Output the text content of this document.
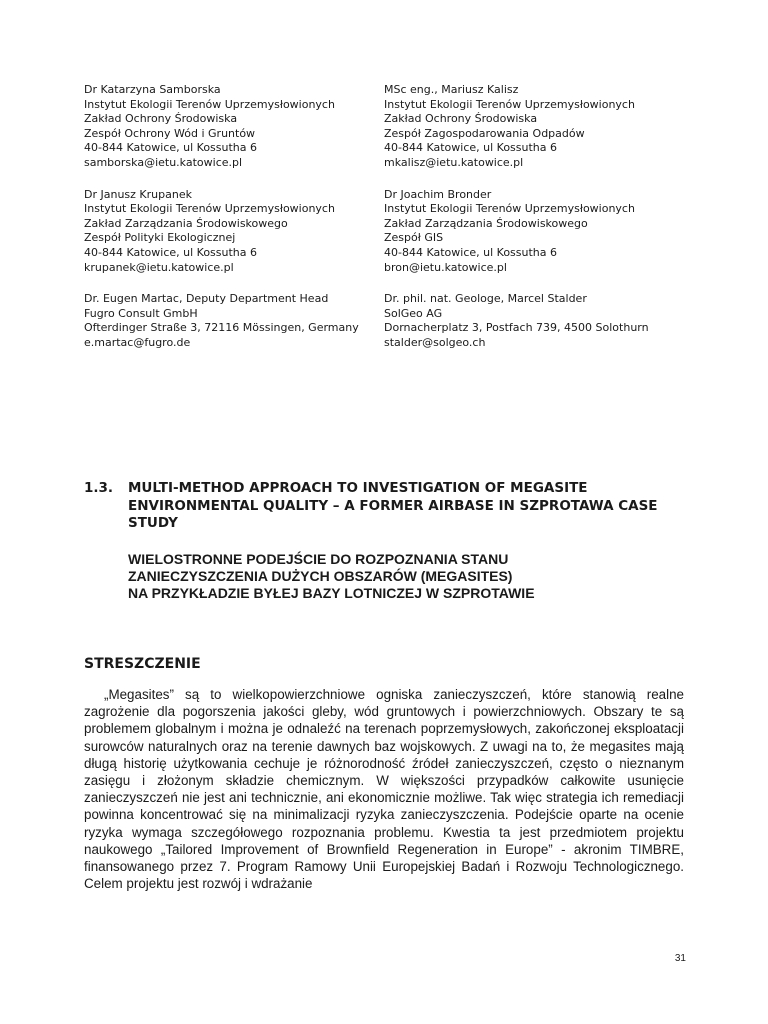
Dr Katarzyna Samborska
Instytut Ekologii Terenów Uprzemysłowionych
Zakład Ochrony Środowiska
Zespół Ochrony Wód i Gruntów
40-844 Katowice, ul Kossutha 6
samborska@ietu.katowice.pl
MSc eng., Mariusz Kalisz
Instytut Ekologii Terenów Uprzemysłowionych
Zakład Ochrony Środowiska
Zespół Zagospodarowania Odpadów
40-844 Katowice, ul Kossutha 6
mkalisz@ietu.katowice.pl
Dr Janusz Krupanek
Instytut Ekologii Terenów Uprzemysłowionych
Zakład Zarządzania Środowiskowego
Zespół Polityki Ekologicznej
40-844 Katowice, ul Kossutha 6
krupanek@ietu.katowice.pl
Dr Joachim Bronder
Instytut Ekologii Terenów Uprzemysłowionych
Zakład Zarządzania Środowiskowego
Zespół GIS
40-844 Katowice, ul Kossutha 6
bron@ietu.katowice.pl
Dr. Eugen Martac, Deputy Department Head
Fugro Consult GmbH
Ofterdinger Straße 3, 72116 Mössingen, Germany
e.martac@fugro.de
Dr. phil. nat. Geologe, Marcel Stalder
SolGeo AG
Dornacherplatz 3, Postfach 739, 4500 Solothurn
stalder@solgeo.ch
1.3.	MULTI-METHOD APPROACH TO INVESTIGATION OF MEGASITE ENVIRONMENTAL QUALITY – A FORMER AIRBASE IN SZPROTAWA CASE STUDY
WIELOSTRONNE PODEJŚCIE DO ROZPOZNANIA STANU
ZANIECZYSZCZENIA DUŻYCH OBSZARÓW (MEGASITES)
NA PRZYKŁADZIE BYŁEJ BAZY LOTNICZEJ W SZPROTAWIE
STRESZCZENIE

„Megasites” są to wielkopowierzchniowe ogniska zanieczyszczeń, które stanowią realne zagrożenie dla pogorszenia jakości gleby, wód gruntowych i powierzchniowych. Obszary te są problemem globalnym i można je odnaleźć na terenach poprzemysłowych, zakończonej eksploatacji surowców naturalnych oraz na terenie dawnych baz wojskowych. Z uwagi na to, że megasites mają długą historię użytkowania cechuje je różnorodność źródeł zanieczyszczeń, często o nieznanym zasięgu i złożonym składzie chemicznym. W większości przypadków całkowite usunięcie zanieczyszczeń nie jest ani technicznie, ani ekonomicznie możliwe. Tak więc strategia ich remediacji powinna koncentrować się na minimalizacji ryzyka zanieczyszczenia. Podejście oparte na ocenie ryzyka wymaga szczegółowego rozpoznania problemu. Kwestia ta jest przedmiotem projektu naukowego „Tailored Improvement of Brownfield Regeneration in Europe” - akronim TIMBRE, finansowanego przez 7. Program Ramowy Unii Europejskiej Badań i Rozwoju Technologicznego. Celem projektu jest rozwój i wdrażanie

31
